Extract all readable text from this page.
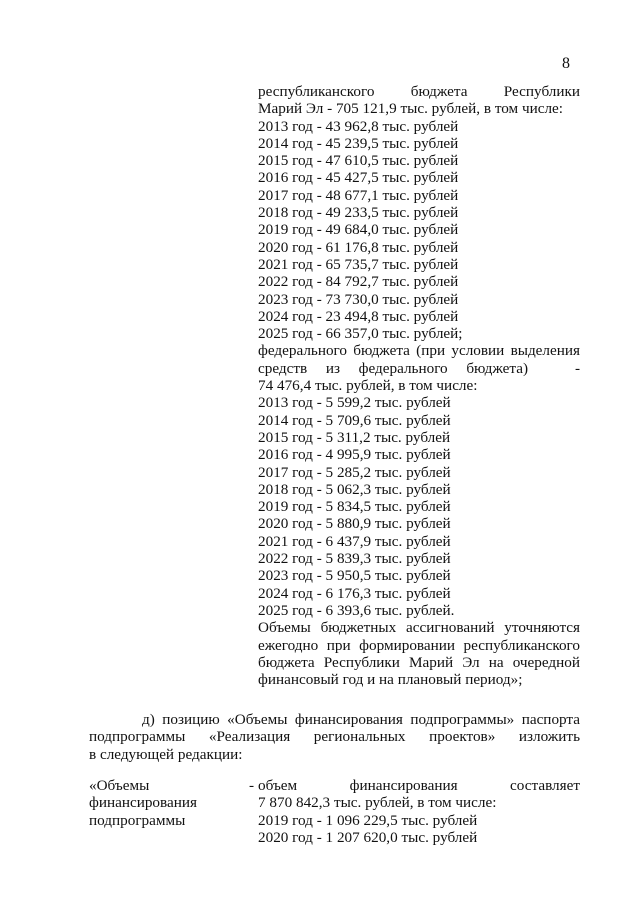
8
республиканского бюджета Республики
Марий Эл - 705 121,9 тыс. рублей, в том числе:
2013 год - 43 962,8 тыс. рублей
2014 год - 45 239,5 тыс. рублей
2015 год - 47 610,5 тыс. рублей
2016 год - 45 427,5 тыс. рублей
2017 год - 48 677,1 тыс. рублей
2018 год - 49 233,5 тыс. рублей
2019 год - 49 684,0 тыс. рублей
2020 год - 61 176,8 тыс. рублей
2021 год - 65 735,7 тыс. рублей
2022 год - 84 792,7 тыс. рублей
2023 год - 73 730,0 тыс. рублей
2024 год - 23 494,8 тыс. рублей
2025 год - 66 357,0 тыс. рублей;
федерального бюджета (при условии выделения
средств из федерального бюджета)	-
74 476,4 тыс. рублей, в том числе:
2013 год - 5 599,2 тыс. рублей
2014 год - 5 709,6 тыс. рублей
2015 год - 5 311,2 тыс. рублей
2016 год - 4 995,9 тыс. рублей
2017 год - 5 285,2 тыс. рублей
2018 год - 5 062,3 тыс. рублей
2019 год - 5 834,5 тыс. рублей
2020 год - 5 880,9 тыс. рублей
2021 год - 6 437,9 тыс. рублей
2022 год - 5 839,3 тыс. рублей
2023 год - 5 950,5 тыс. рублей
2024 год - 6 176,3 тыс. рублей
2025 год - 6 393,6 тыс. рублей.
Объемы бюджетных ассигнований уточняются
ежегодно при формировании республиканского
бюджета Республики Марий Эл на очередной
финансовый год и на плановый период»;
д) позицию «Объемы финансирования подпрограммы» паспорта
подпрограммы «Реализация региональных проектов» изложить
в следующей редакции:
«Объемы	-
финансирования
подпрограммы
объем финансирования составляет
7 870 842,3 тыс. рублей, в том числе:
2019 год - 1 096 229,5 тыс. рублей
2020 год - 1 207 620,0 тыс. рублей
